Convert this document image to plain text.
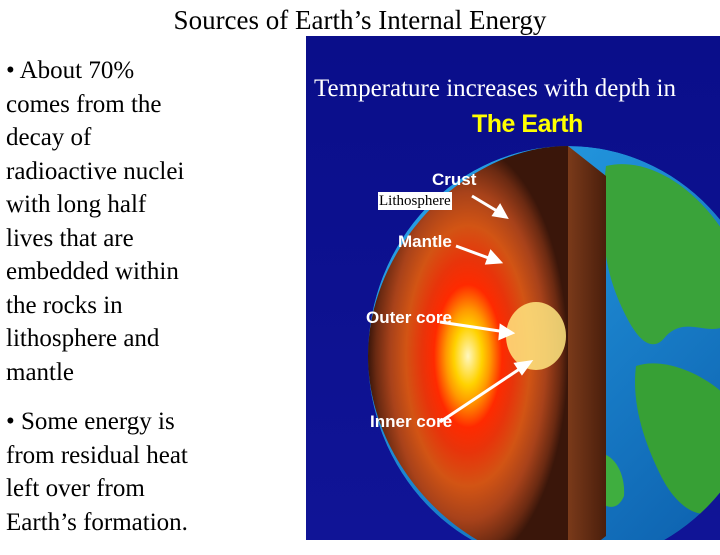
Sources of Earth’s Internal Energy
• About 70%
comes from the
decay of
radioactive nuclei
with long half
lives that are
embedded within
the rocks in
lithosphere and
mantle
• Some energy is
from residual heat
left over from
Earth’s formation.
Temperature increases with depth in
The Earth
Crust
Mantle
Outer core
Inner core
Lithosphere
